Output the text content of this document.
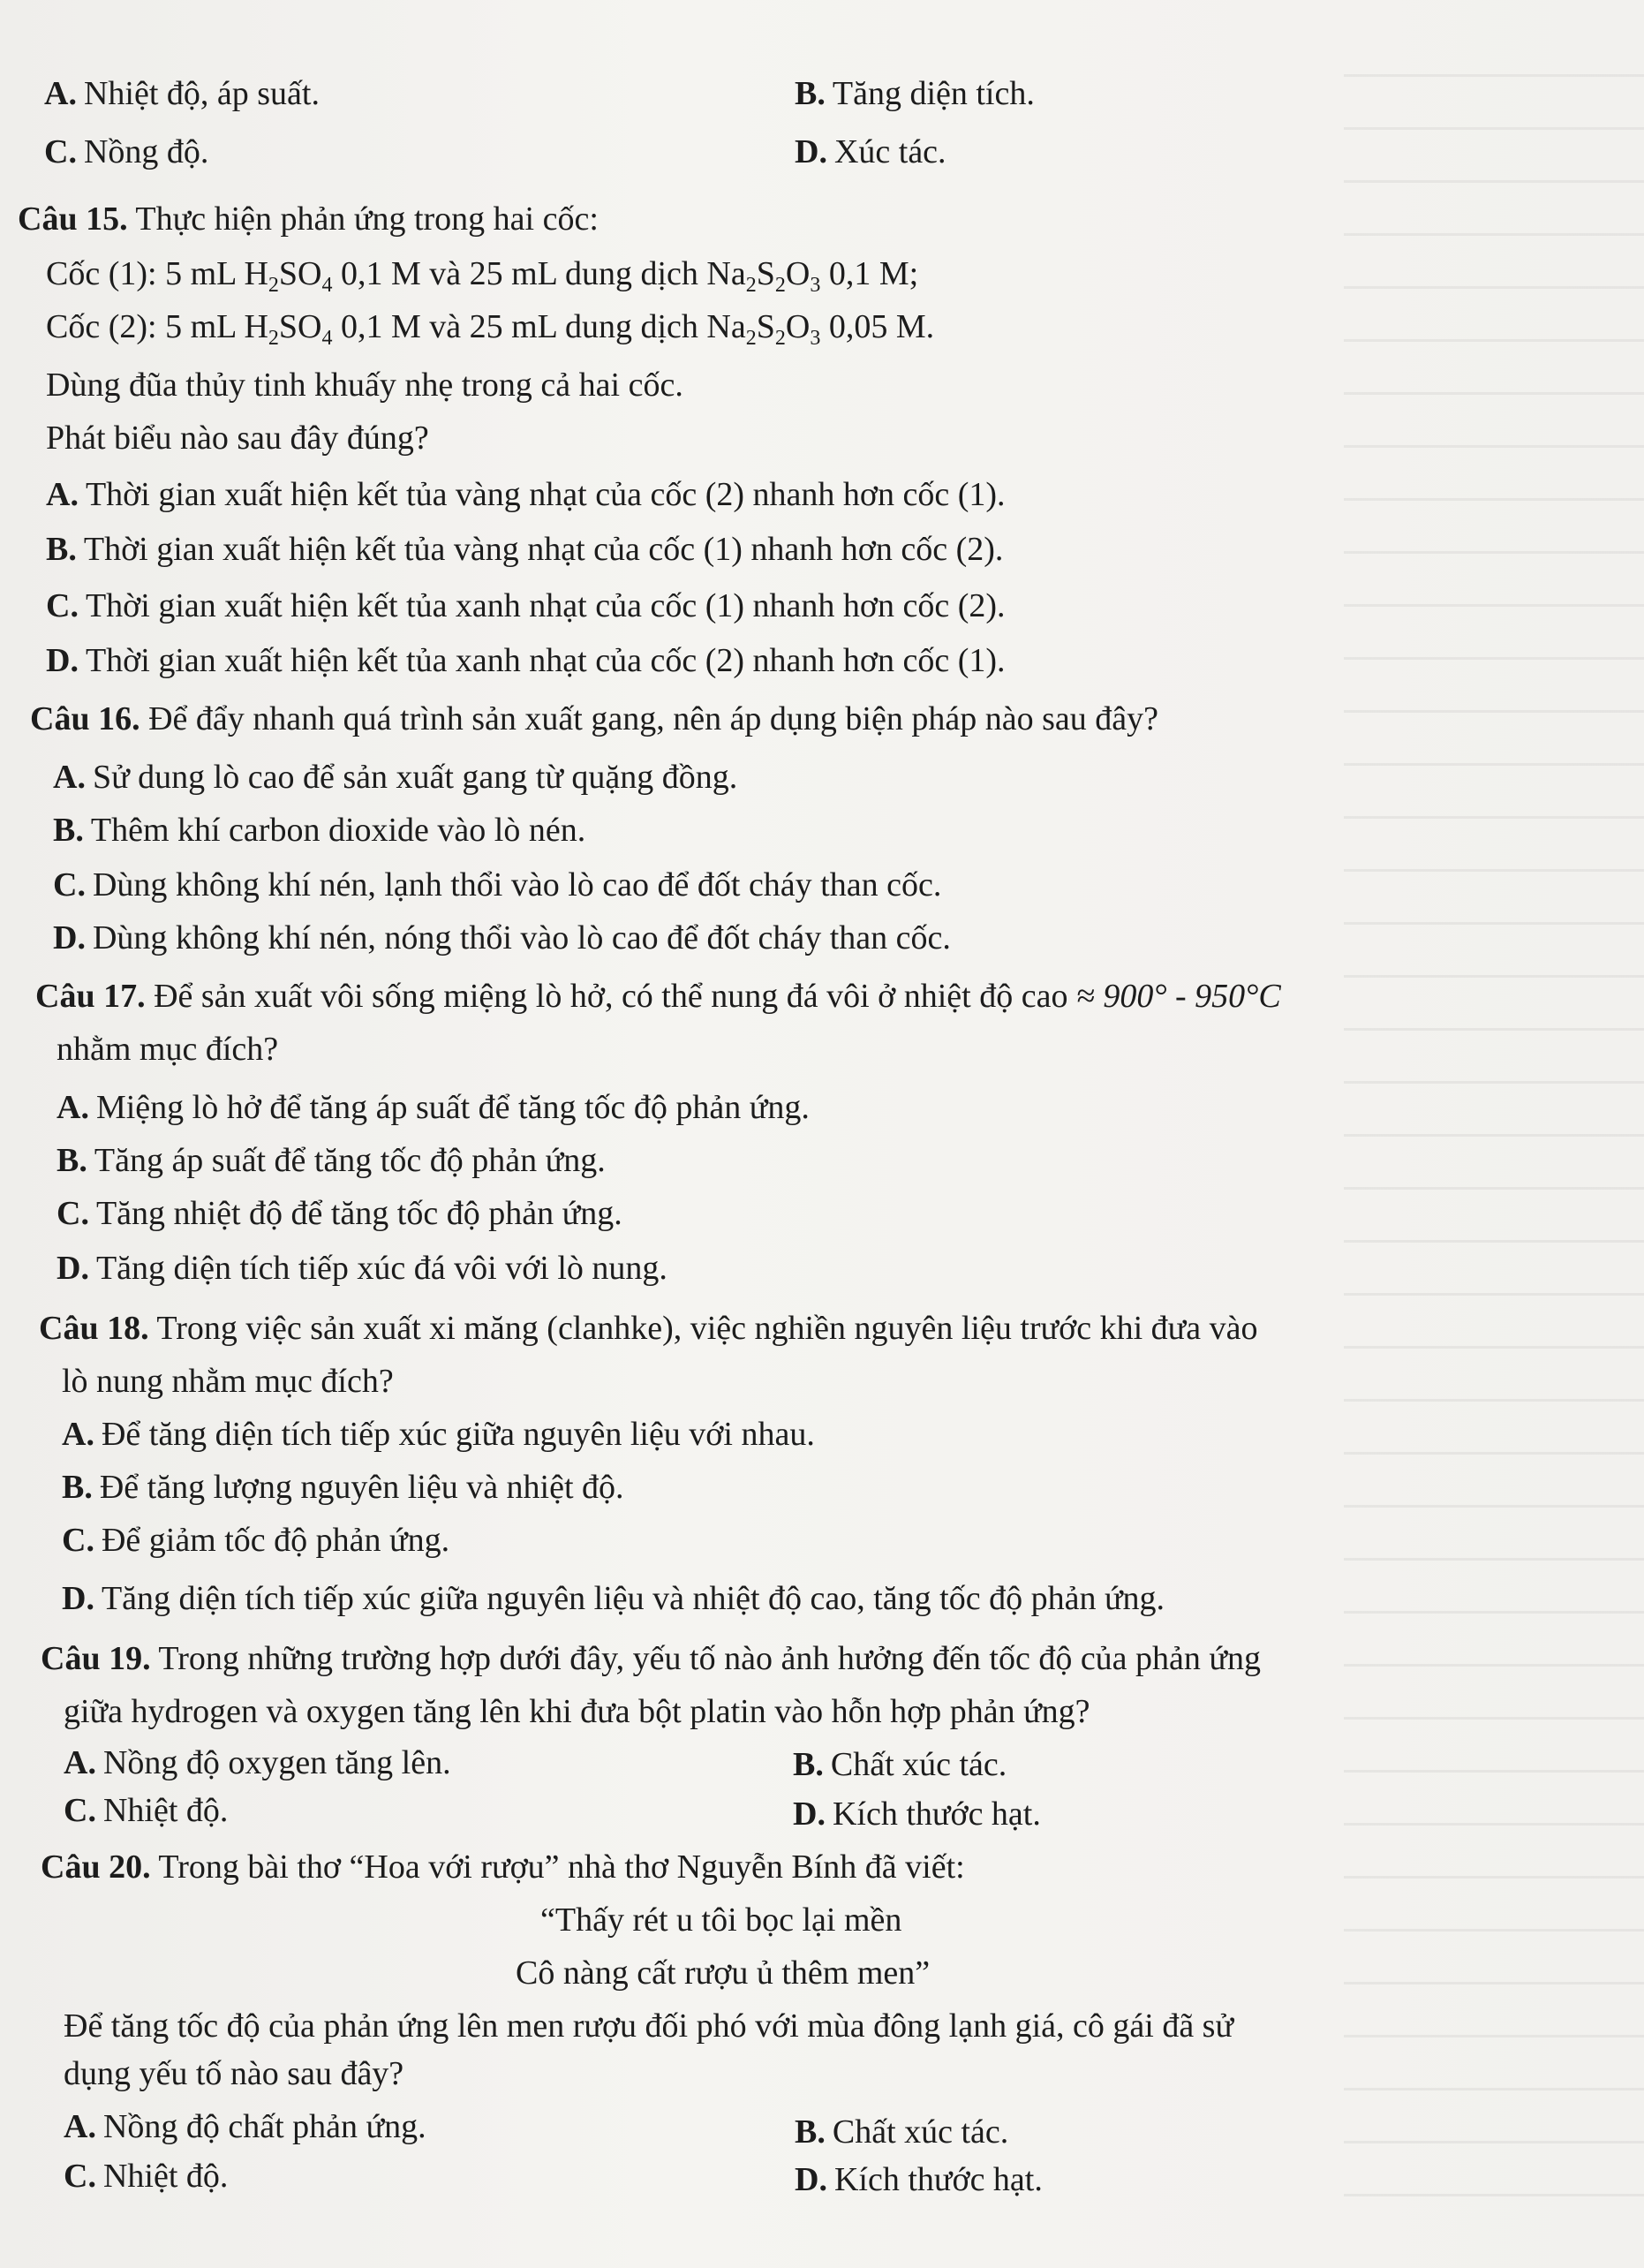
A. Nhiệt độ, áp suất.	B. Tăng diện tích.
C. Nồng độ.	D. Xúc tác.
Câu 15. Thực hiện phản ứng trong hai cốc:
Cốc (1): 5 mL $H_2SO_4$ 0,1 M và 25 mL dung dịch $Na_2S_2O_3$ 0,1 M;
Cốc (2): 5 mL $H_2SO_4$ 0,1 M và 25 mL dung dịch $Na_2S_2O_3$ 0,05 M.
Dùng đũa thủy tinh khuấy nhẹ trong cả hai cốc.
Phát biểu nào sau đây đúng?
A. Thời gian xuất hiện kết tủa vàng nhạt của cốc (2) nhanh hơn cốc (1).
B. Thời gian xuất hiện kết tủa vàng nhạt của cốc (1) nhanh hơn cốc (2).
C. Thời gian xuất hiện kết tủa xanh nhạt của cốc (1) nhanh hơn cốc (2).
D. Thời gian xuất hiện kết tủa xanh nhạt của cốc (2) nhanh hơn cốc (1).
Câu 16. Để đẩy nhanh quá trình sản xuất gang, nên áp dụng biện pháp nào sau đây?
A. Sử dung lò cao để sản xuất gang từ quặng đồng.
B. Thêm khí carbon dioxide vào lò nén.
C. Dùng không khí nén, lạnh thổi vào lò cao để đốt cháy than cốc.
D. Dùng không khí nén, nóng thổi vào lò cao để đốt cháy than cốc.
Câu 17. Để sản xuất vôi sống miệng lò hở, có thể nung đá vôi ở nhiệt độ cao ≈ 900° - 950°C
nhằm mục đích?
A. Miệng lò hở để tăng áp suất để tăng tốc độ phản ứng.
B. Tăng áp suất để tăng tốc độ phản ứng.
C. Tăng nhiệt độ để tăng tốc độ phản ứng.
D. Tăng diện tích tiếp xúc đá vôi với lò nung.
Câu 18. Trong việc sản xuất xi măng (clanhke), việc nghiền nguyên liệu trước khi đưa vào
lò nung nhằm mục đích?
A. Để tăng diện tích tiếp xúc giữa nguyên liệu với nhau.
B. Để tăng lượng nguyên liệu và nhiệt độ.
C. Để giảm tốc độ phản ứng.
D. Tăng diện tích tiếp xúc giữa nguyên liệu và nhiệt độ cao, tăng tốc độ phản ứng.
Câu 19. Trong những trường hợp dưới đây, yếu tố nào ảnh hưởng đến tốc độ của phản ứng
giữa hydrogen và oxygen tăng lên khi đưa bột platin vào hỗn hợp phản ứng?
A. Nồng độ oxygen tăng lên.	B. Chất xúc tác.
C. Nhiệt độ.	D. Kích thước hạt.
Câu 20. Trong bài thơ “Hoa với rượu” nhà thơ Nguyễn Bính đã viết:
“Thấy rét u tôi bọc lại mền
Cô nàng cất rượu ủ thêm men”
Để tăng tốc độ của phản ứng lên men rượu đối phó với mùa đông lạnh giá, cô gái đã sử
dụng yếu tố nào sau đây?
A. Nồng độ chất phản ứng.	B. Chất xúc tác.
C. Nhiệt độ.	D. Kích thước hạt.
